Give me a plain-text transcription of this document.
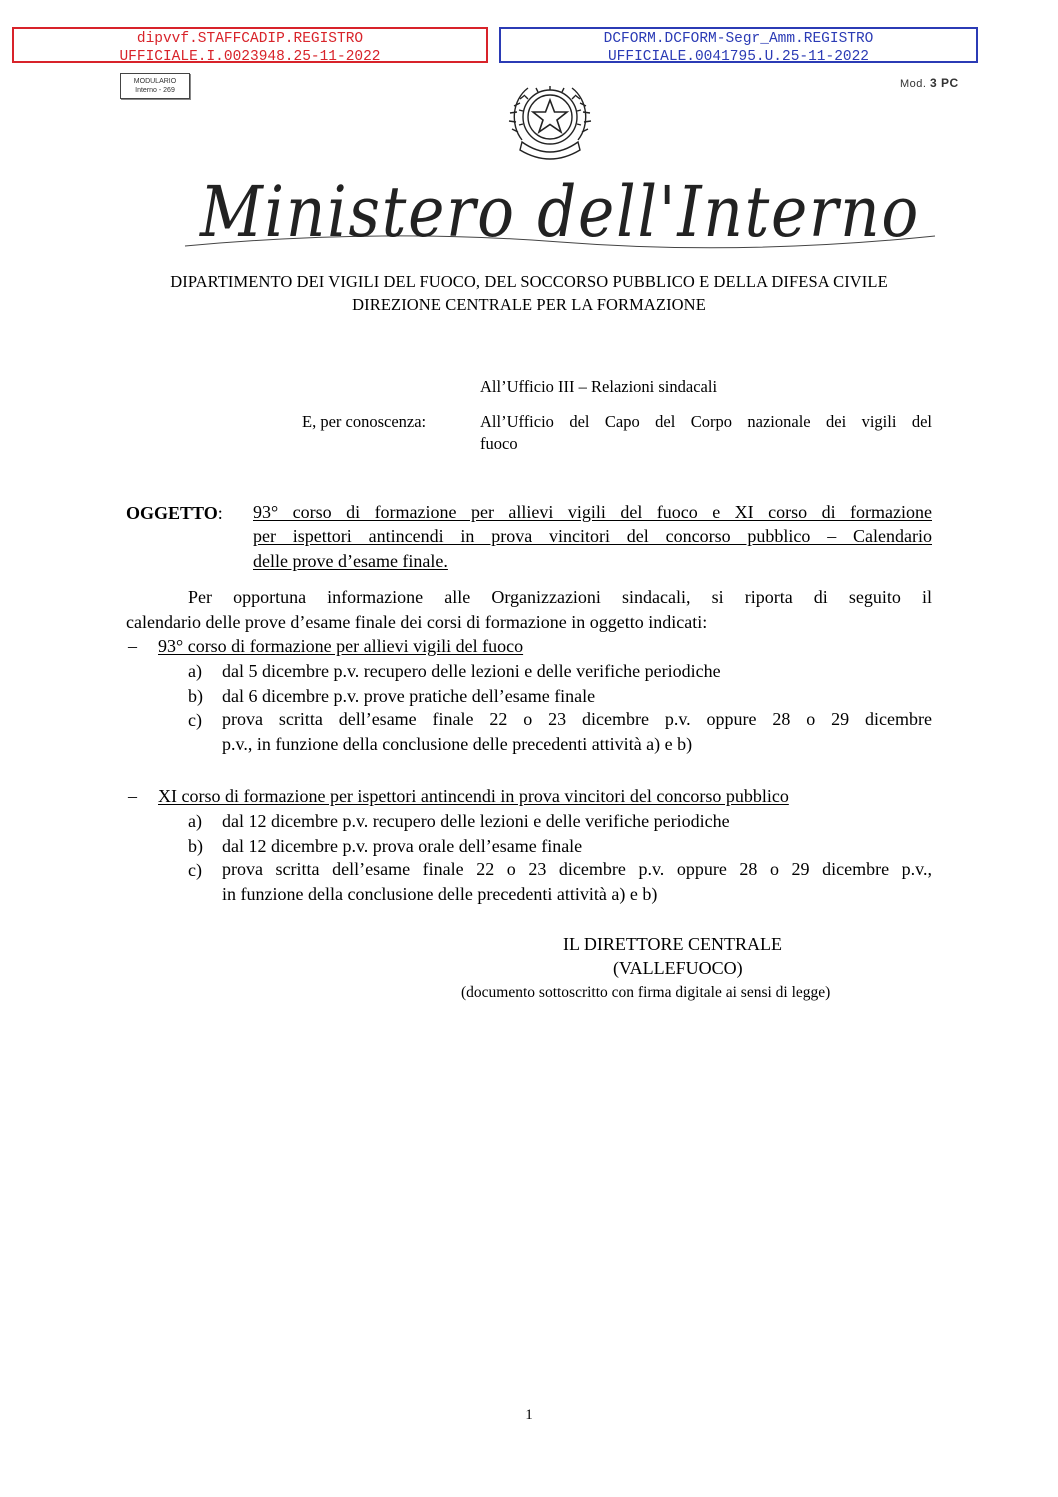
dipvvf.STAFFCADIP.REGISTRO
UFFICIALE.I.0023948.25-11-2022
DCFORM.DCFORM-Segr_Amm.REGISTRO
UFFICIALE.0041795.U.25-11-2022
MODULARIO
Interno - 269
Mod. 3 PC
Ministero dell'Interno
DIPARTIMENTO DEI VIGILI DEL FUOCO, DEL SOCCORSO PUBBLICO E DELLA DIFESA CIVILE
DIREZIONE CENTRALE PER LA FORMAZIONE
All’Ufficio III – Relazioni sindacali
E, per conoscenza:	All’Ufficio del Capo del Corpo nazionale dei vigili del
fuoco
OGGETTO: 93° corso di formazione per allievi vigili del fuoco e XI corso di formazione
per ispettori antincendi in prova vincitori del concorso pubblico – Calendario
delle prove d’esame finale.
Per opportuna informazione alle Organizzazioni sindacali, si riporta di seguito il
calendario delle prove d’esame finale dei corsi di formazione in oggetto indicati:
– 93° corso di formazione per allievi vigili del fuoco
a) dal 5 dicembre p.v. recupero delle lezioni e delle verifiche periodiche
b) dal 6 dicembre p.v. prove pratiche dell’esame finale
c) prova scritta dell’esame finale 22 o 23 dicembre p.v. oppure 28 o 29 dicembre
p.v., in funzione della conclusione delle precedenti attività a) e b)
– XI corso di formazione per ispettori antincendi in prova vincitori del concorso pubblico
a) dal 12 dicembre p.v. recupero delle lezioni e delle verifiche periodiche
b) dal 12 dicembre p.v. prova orale dell’esame finale
c) prova scritta dell’esame finale 22 o 23 dicembre p.v. oppure 28 o 29 dicembre p.v.,
in funzione della conclusione delle precedenti attività a) e b)
IL DIRETTORE CENTRALE
(VALLEFUOCO)
(documento sottoscritto con firma digitale ai sensi di legge)
1
